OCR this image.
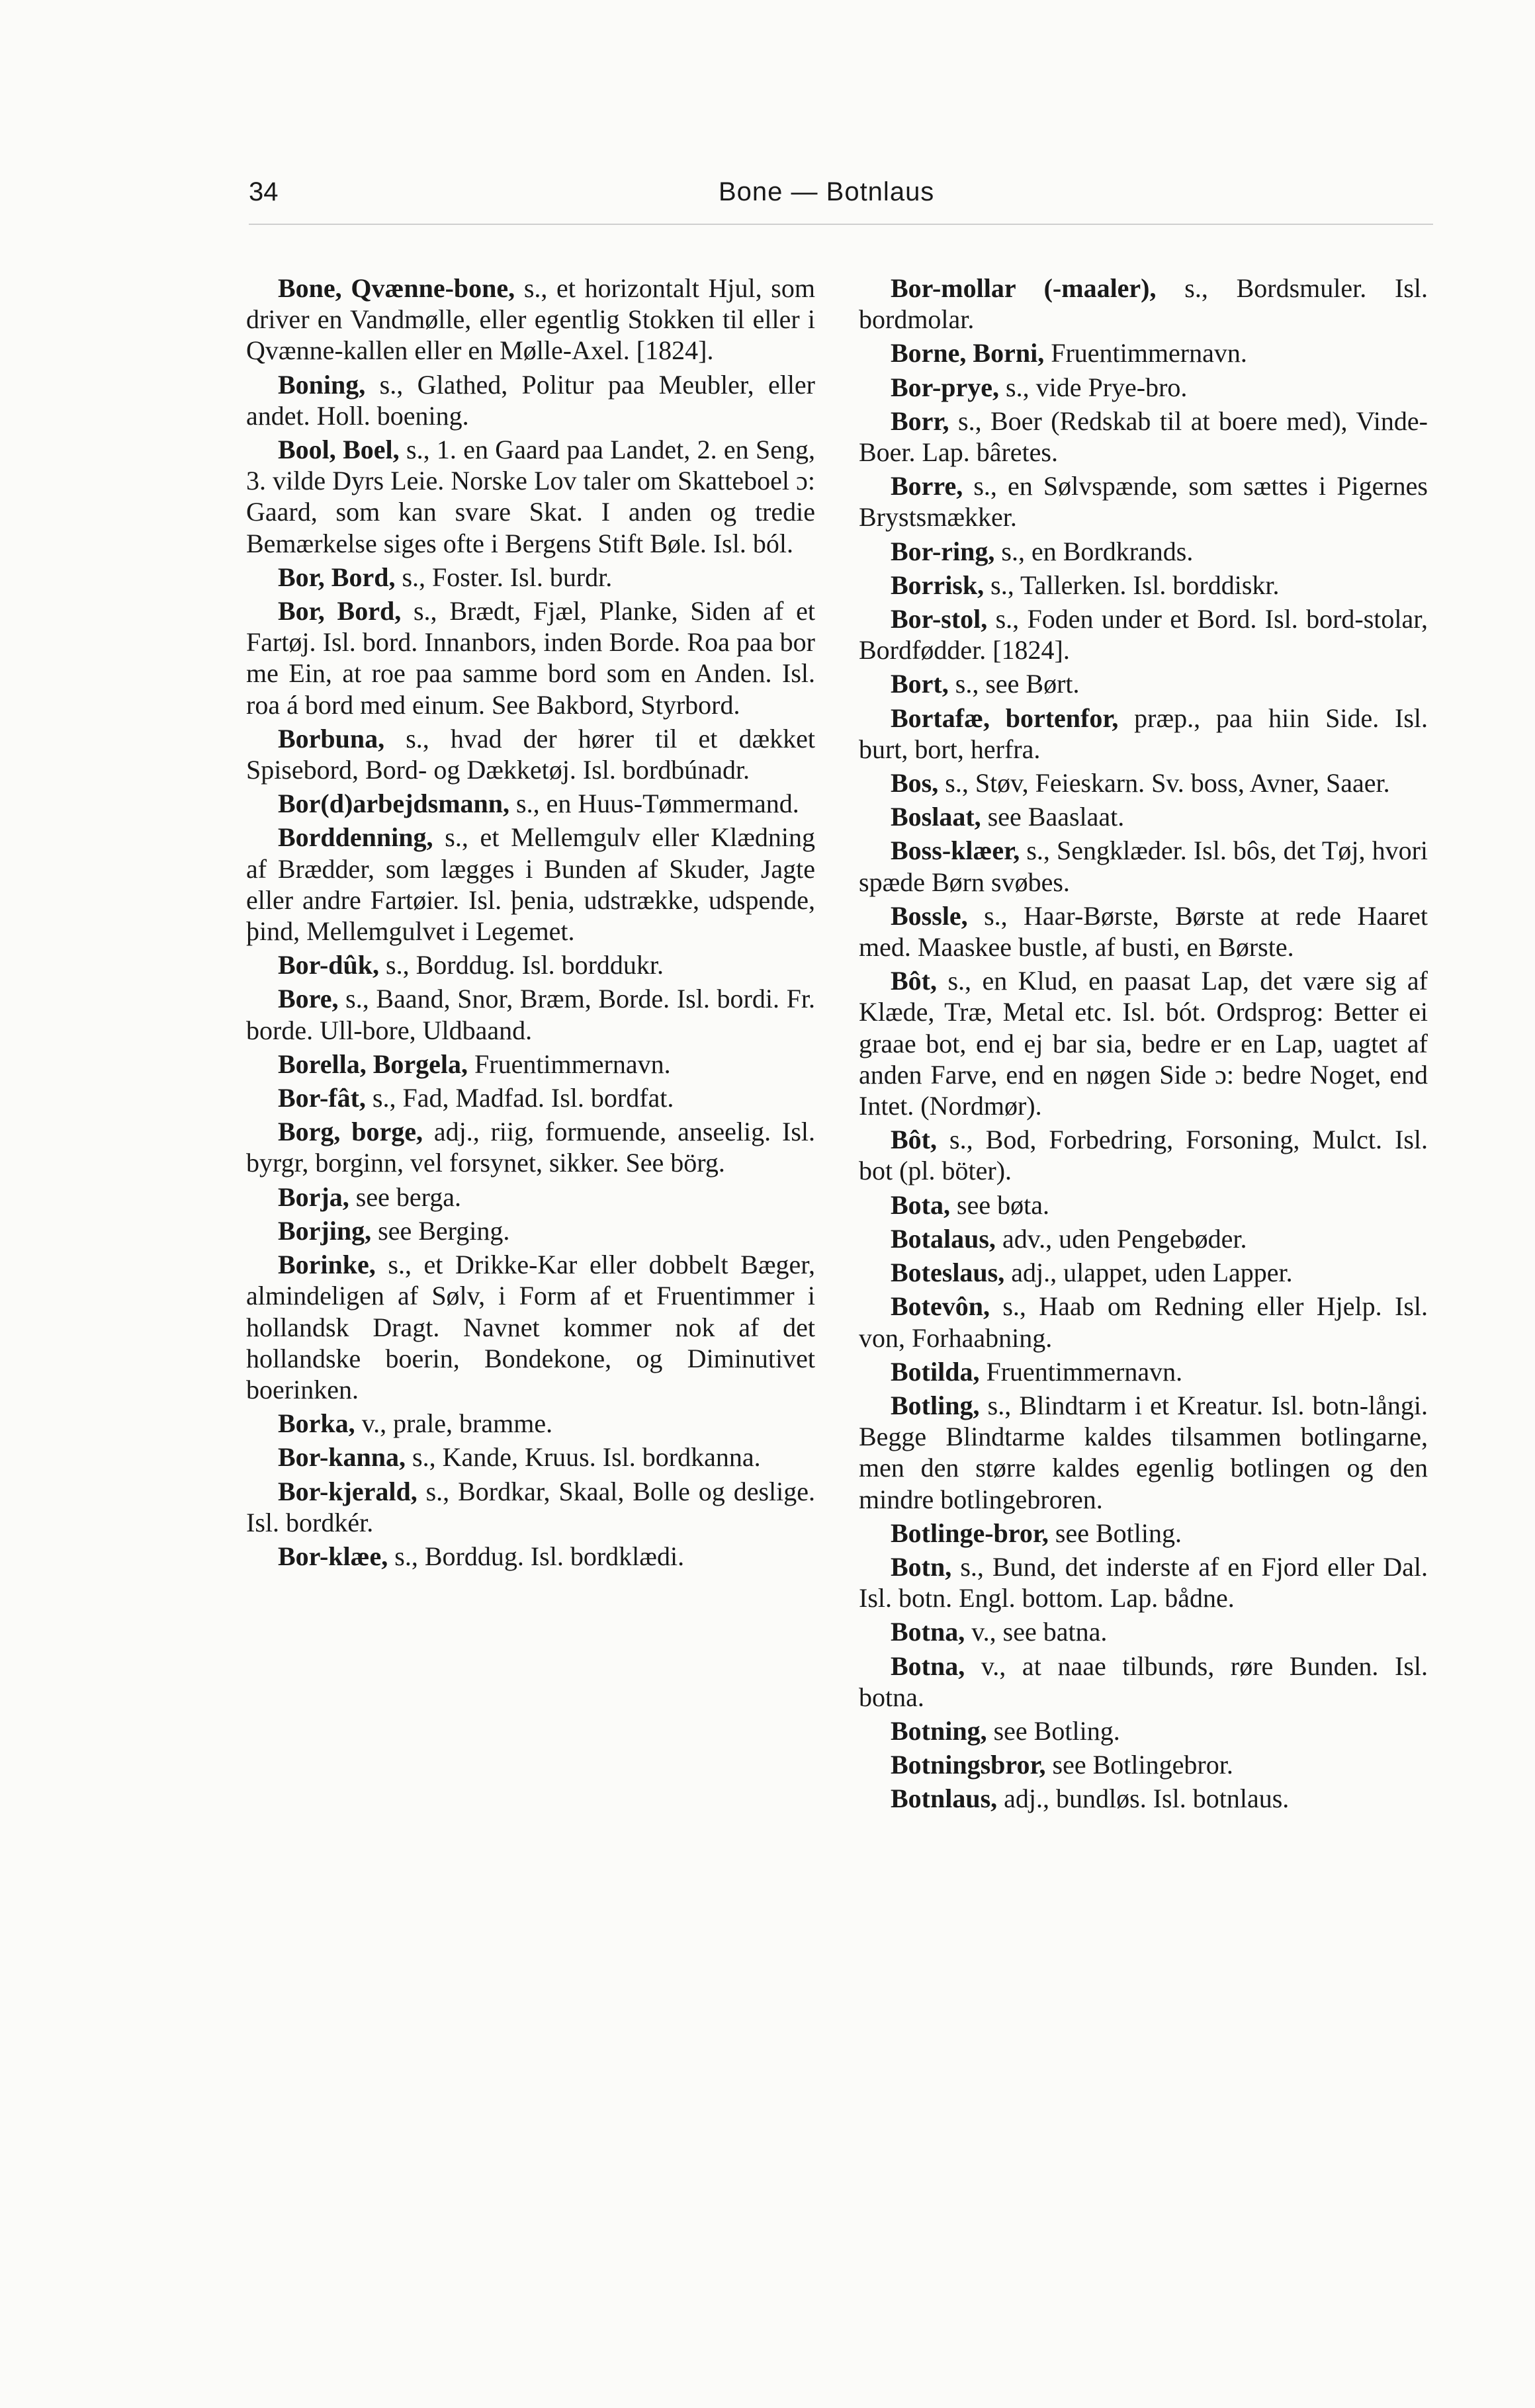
34	Bone — Botnlaus

Bone, Qvænne-bone, s., et horizontalt Hjul, som driver en Vandmølle, eller egentlig Stokken til eller i Qvænne-kallen eller en Mølle-Axel. [1824].

Boning, s., Glathed, Politur paa Meubler, eller andet. Holl. boening.

Bool, Boel, s., 1. en Gaard paa Landet, 2. en Seng, 3. vilde Dyrs Leie. Norske Lov taler om Skatteboel ɔ: Gaard, som kan svare Skat. I anden og tredie Bemærkelse siges ofte i Bergens Stift Bøle. Isl. ból.

Bor, Bord, s., Foster. Isl. burdr.

Bor, Bord, s., Brædt, Fjæl, Planke, Siden af et Fartøj. Isl. bord. Innanbors, inden Borde. Roa paa bor me Ein, at roe paa samme bord som en Anden. Isl. roa á bord med einum. See Bakbord, Styrbord.

Borbuna, s., hvad der hører til et dækket Spisebord, Bord- og Dækketøj. Isl. bordbúnadr.

Bor(d)arbejdsmann, s., en Huus-Tømmermand.

Borddenning, s., et Mellemgulv eller Klædning af Brædder, som lægges i Bunden af Skuder, Jagte eller andre Fartøier. Isl. þenia, udstrække, udspende, þind, Mellemgulvet i Legemet.

Bor-dûk, s., Borddug. Isl. borddukr.

Bore, s., Baand, Snor, Bræm, Borde. Isl. bordi. Fr. borde. Ull-bore, Uldbaand.

Borella, Borgela, Fruentimmernavn.

Bor-fât, s., Fad, Madfad. Isl. bordfat.

Borg, borge, adj., riig, formuende, anseelig. Isl. byrgr, borginn, vel forsynet, sikker. See börg.

Borja, see berga.

Borjing, see Berging.

Borinke, s., et Drikke-Kar eller dobbelt Bæger, almindeligen af Sølv, i Form af et Fruentimmer i hollandsk Dragt. Navnet kommer nok af det hollandske boerin, Bondekone, og Diminutivet boerinken.

Borka, v., prale, bramme.

Bor-kanna, s., Kande, Kruus. Isl. bordkanna.

Bor-kjerald, s., Bordkar, Skaal, Bolle og deslige. Isl. bordkér.

Bor-klæe, s., Borddug. Isl. bordklædi.

Bor-mollar (-maaler), s., Bordsmuler. Isl. bordmolar.

Borne, Borni, Fruentimmernavn.

Bor-prye, s., vide Prye-bro.

Borr, s., Boer (Redskab til at boere med), Vinde-Boer. Lap. bâretes.

Borre, s., en Sølvspænde, som sættes i Pigernes Brystsmækker.

Bor-ring, s., en Bordkrands.

Borrisk, s., Tallerken. Isl. borddiskr.

Bor-stol, s., Foden under et Bord. Isl. bord-stolar, Bordfødder. [1824].

Bort, s., see Børt.

Bortafæ, bortenfor, præp., paa hiin Side. Isl. burt, bort, herfra.

Bos, s., Støv, Feieskarn. Sv. boss, Avner, Saaer.

Boslaat, see Baaslaat.

Boss-klæer, s., Sengklæder. Isl. bôs, det Tøj, hvori spæde Børn svøbes.

Bossle, s., Haar-Børste, Børste at rede Haaret med. Maaskee bustle, af busti, en Børste.

Bôt, s., en Klud, en paasat Lap, det være sig af Klæde, Træ, Metal etc. Isl. bót. Ordsprog: Better ei graae bot, end ej bar sia, bedre er en Lap, uagtet af anden Farve, end en nøgen Side ɔ: bedre Noget, end Intet. (Nordmør).

Bôt, s., Bod, Forbedring, Forsoning, Mulct. Isl. bot (pl. böter).

Bota, see bøta.

Botalaus, adv., uden Pengebøder.

Boteslaus, adj., ulappet, uden Lapper.

Botevôn, s., Haab om Redning eller Hjelp. Isl. von, Forhaabning.

Botilda, Fruentimmernavn.

Botling, s., Blindtarm i et Kreatur. Isl. botn-långi. Begge Blindtarme kaldes tilsammen botlingarne, men den større kaldes egenlig botlingen og den mindre botlingebroren.

Botlinge-bror, see Botling.

Botn, s., Bund, det inderste af en Fjord eller Dal. Isl. botn. Engl. bottom. Lap. bådne.

Botna, v., see batna.

Botna, v., at naae tilbunds, røre Bunden. Isl. botna.

Botning, see Botling.

Botningsbror, see Botlingebror.

Botnlaus, adj., bundløs. Isl. botnlaus.
